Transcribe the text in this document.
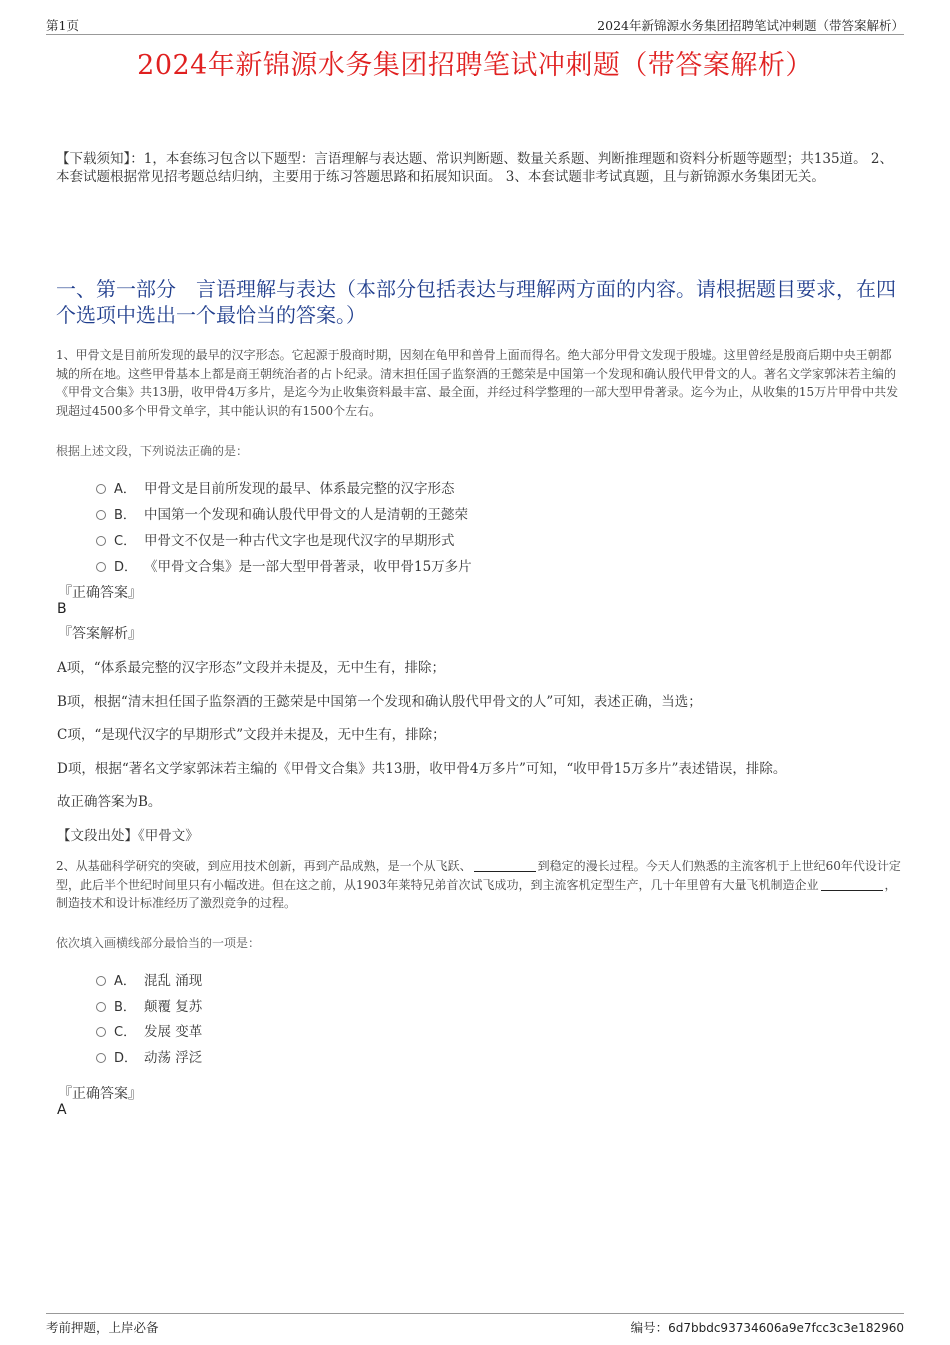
第1页	2024年新锦源水务集团招聘笔试冲刺题（带答案解析）
2024年新锦源水务集团招聘笔试冲刺题（带答案解析）
【下载须知】：1，本套练习包含以下题型：言语理解与表达题、常识判断题、数量关系题、判断推理题和资料分析题等题型；共135道。 2、本套试题根据常见招考题总结归纳，主要用于练习答题思路和拓展知识面。 3、本套试题非考试真题，且与新锦源水务集团无关。
一、第一部分　言语理解与表达（本部分包括表达与理解两方面的内容。请根据题目要求，在四个选项中选出一个最恰当的答案。）
1、甲骨文是目前所发现的最早的汉字形态。它起源于殷商时期，因刻在龟甲和兽骨上面而得名。绝大部分甲骨文发现于殷墟。这里曾经是殷商后期中央王朝都城的所在地。这些甲骨基本上都是商王朝统治者的占卜纪录。清末担任国子监祭酒的王懿荣是中国第一个发现和确认殷代甲骨文的人。著名文学家郭沫若主编的《甲骨文合集》共13册，收甲骨4万多片，是迄今为止收集资料最丰富、最全面，并经过科学整理的一部大型甲骨著录。迄今为止，从收集的15万片甲骨中共发现超过4500多个甲骨文单字，其中能认识的有1500个左右。
根据上述文段，下列说法正确的是：
A． 甲骨文是目前所发现的最早、体系最完整的汉字形态
B． 中国第一个发现和确认殷代甲骨文的人是清朝的王懿荣
C． 甲骨文不仅是一种古代文字也是现代汉字的早期形式
D． 《甲骨文合集》是一部大型甲骨著录，收甲骨15万多片
『正确答案』
B
『答案解析』
A项，“体系最完整的汉字形态”文段并未提及，无中生有，排除；
B项，根据“清末担任国子监祭酒的王懿荣是中国第一个发现和确认殷代甲骨文的人”可知，表述正确，当选；
C项，“是现代汉字的早期形式”文段并未提及，无中生有，排除；
D项，根据“著名文学家郭沫若主编的《甲骨文合集》共13册，收甲骨4万多片”可知，“收甲骨15万多片”表述错误，排除。
故正确答案为B。
【文段出处】《甲骨文》
2、从基础科学研究的突破，到应用技术创新，再到产品成熟，是一个从飞跃、	到稳定的漫长过程。今天人们熟悉的主流客机于上世纪60年代设计定型，此后半个世纪时间里只有小幅改进。但在这之前，从1903年莱特兄弟首次试飞成功，到主流客机定型生产，几十年里曾有大量飞机制造企业	，制造技术和设计标准经历了激烈竞争的过程。
依次填入画横线部分最恰当的一项是：
A． 混乱 涌现
B． 颠覆 复苏
C． 发展 变革
D． 动荡 浮泛
『正确答案』
A
考前押题，上岸必备	编号：6d7bbdc93734606a9e7fcc3c3e182960
